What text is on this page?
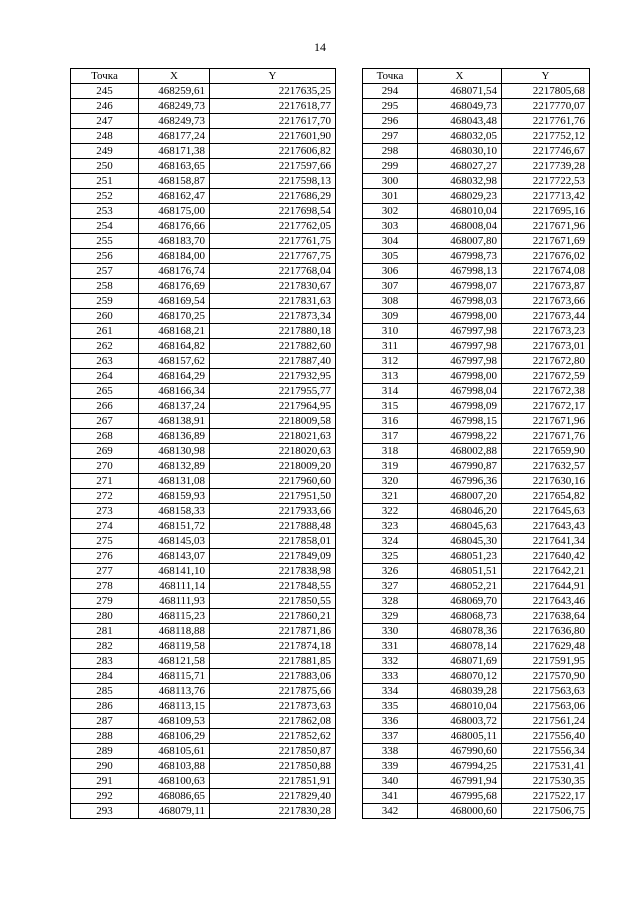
14
Точка	X	Y
245	468259,61	2217635,25
246	468249,73	2217618,77
247	468249,73	2217617,70
248	468177,24	2217601,90
249	468171,38	2217606,82
250	468163,65	2217597,66
251	468158,87	2217598,13
252	468162,47	2217686,29
253	468175,00	2217698,54
254	468176,66	2217762,05
255	468183,70	2217761,75
256	468184,00	2217767,75
257	468176,74	2217768,04
258	468176,69	2217830,67
259	468169,54	2217831,63
260	468170,25	2217873,34
261	468168,21	2217880,18
262	468164,82	2217882,60
263	468157,62	2217887,40
264	468164,29	2217932,95
265	468166,34	2217955,77
266	468137,24	2217964,95
267	468138,91	2218009,58
268	468136,89	2218021,63
269	468130,98	2218020,63
270	468132,89	2218009,20
271	468131,08	2217960,60
272	468159,93	2217951,50
273	468158,33	2217933,66
274	468151,72	2217888,48
275	468145,03	2217858,01
276	468143,07	2217849,09
277	468141,10	2217838,98
278	468111,14	2217848,55
279	468111,93	2217850,55
280	468115,23	2217860,21
281	468118,88	2217871,86
282	468119,58	2217874,18
283	468121,58	2217881,85
284	468115,71	2217883,06
285	468113,76	2217875,66
286	468113,15	2217873,63
287	468109,53	2217862,08
288	468106,29	2217852,62
289	468105,61	2217850,87
290	468103,88	2217850,88
291	468100,63	2217851,91
292	468086,65	2217829,40
293	468079,11	2217830,28
Точка	X	Y
294	468071,54	2217805,68
295	468049,73	2217770,07
296	468043,48	2217761,76
297	468032,05	2217752,12
298	468030,10	2217746,67
299	468027,27	2217739,28
300	468032,98	2217722,53
301	468029,23	2217713,42
302	468010,04	2217695,16
303	468008,04	2217671,96
304	468007,80	2217671,69
305	467998,73	2217676,02
306	467998,13	2217674,08
307	467998,07	2217673,87
308	467998,03	2217673,66
309	467998,00	2217673,44
310	467997,98	2217673,23
311	467997,98	2217673,01
312	467997,98	2217672,80
313	467998,00	2217672,59
314	467998,04	2217672,38
315	467998,09	2217672,17
316	467998,15	2217671,96
317	467998,22	2217671,76
318	468002,88	2217659,90
319	467990,87	2217632,57
320	467996,36	2217630,16
321	468007,20	2217654,82
322	468046,20	2217645,63
323	468045,63	2217643,43
324	468045,30	2217641,34
325	468051,23	2217640,42
326	468051,51	2217642,21
327	468052,21	2217644,91
328	468069,70	2217643,46
329	468068,73	2217638,64
330	468078,36	2217636,80
331	468078,14	2217629,48
332	468071,69	2217591,95
333	468070,12	2217570,90
334	468039,28	2217563,63
335	468010,04	2217563,06
336	468003,72	2217561,24
337	468005,11	2217556,40
338	467990,60	2217556,34
339	467994,25	2217531,41
340	467991,94	2217530,35
341	467995,68	2217522,17
342	468000,60	2217506,75
